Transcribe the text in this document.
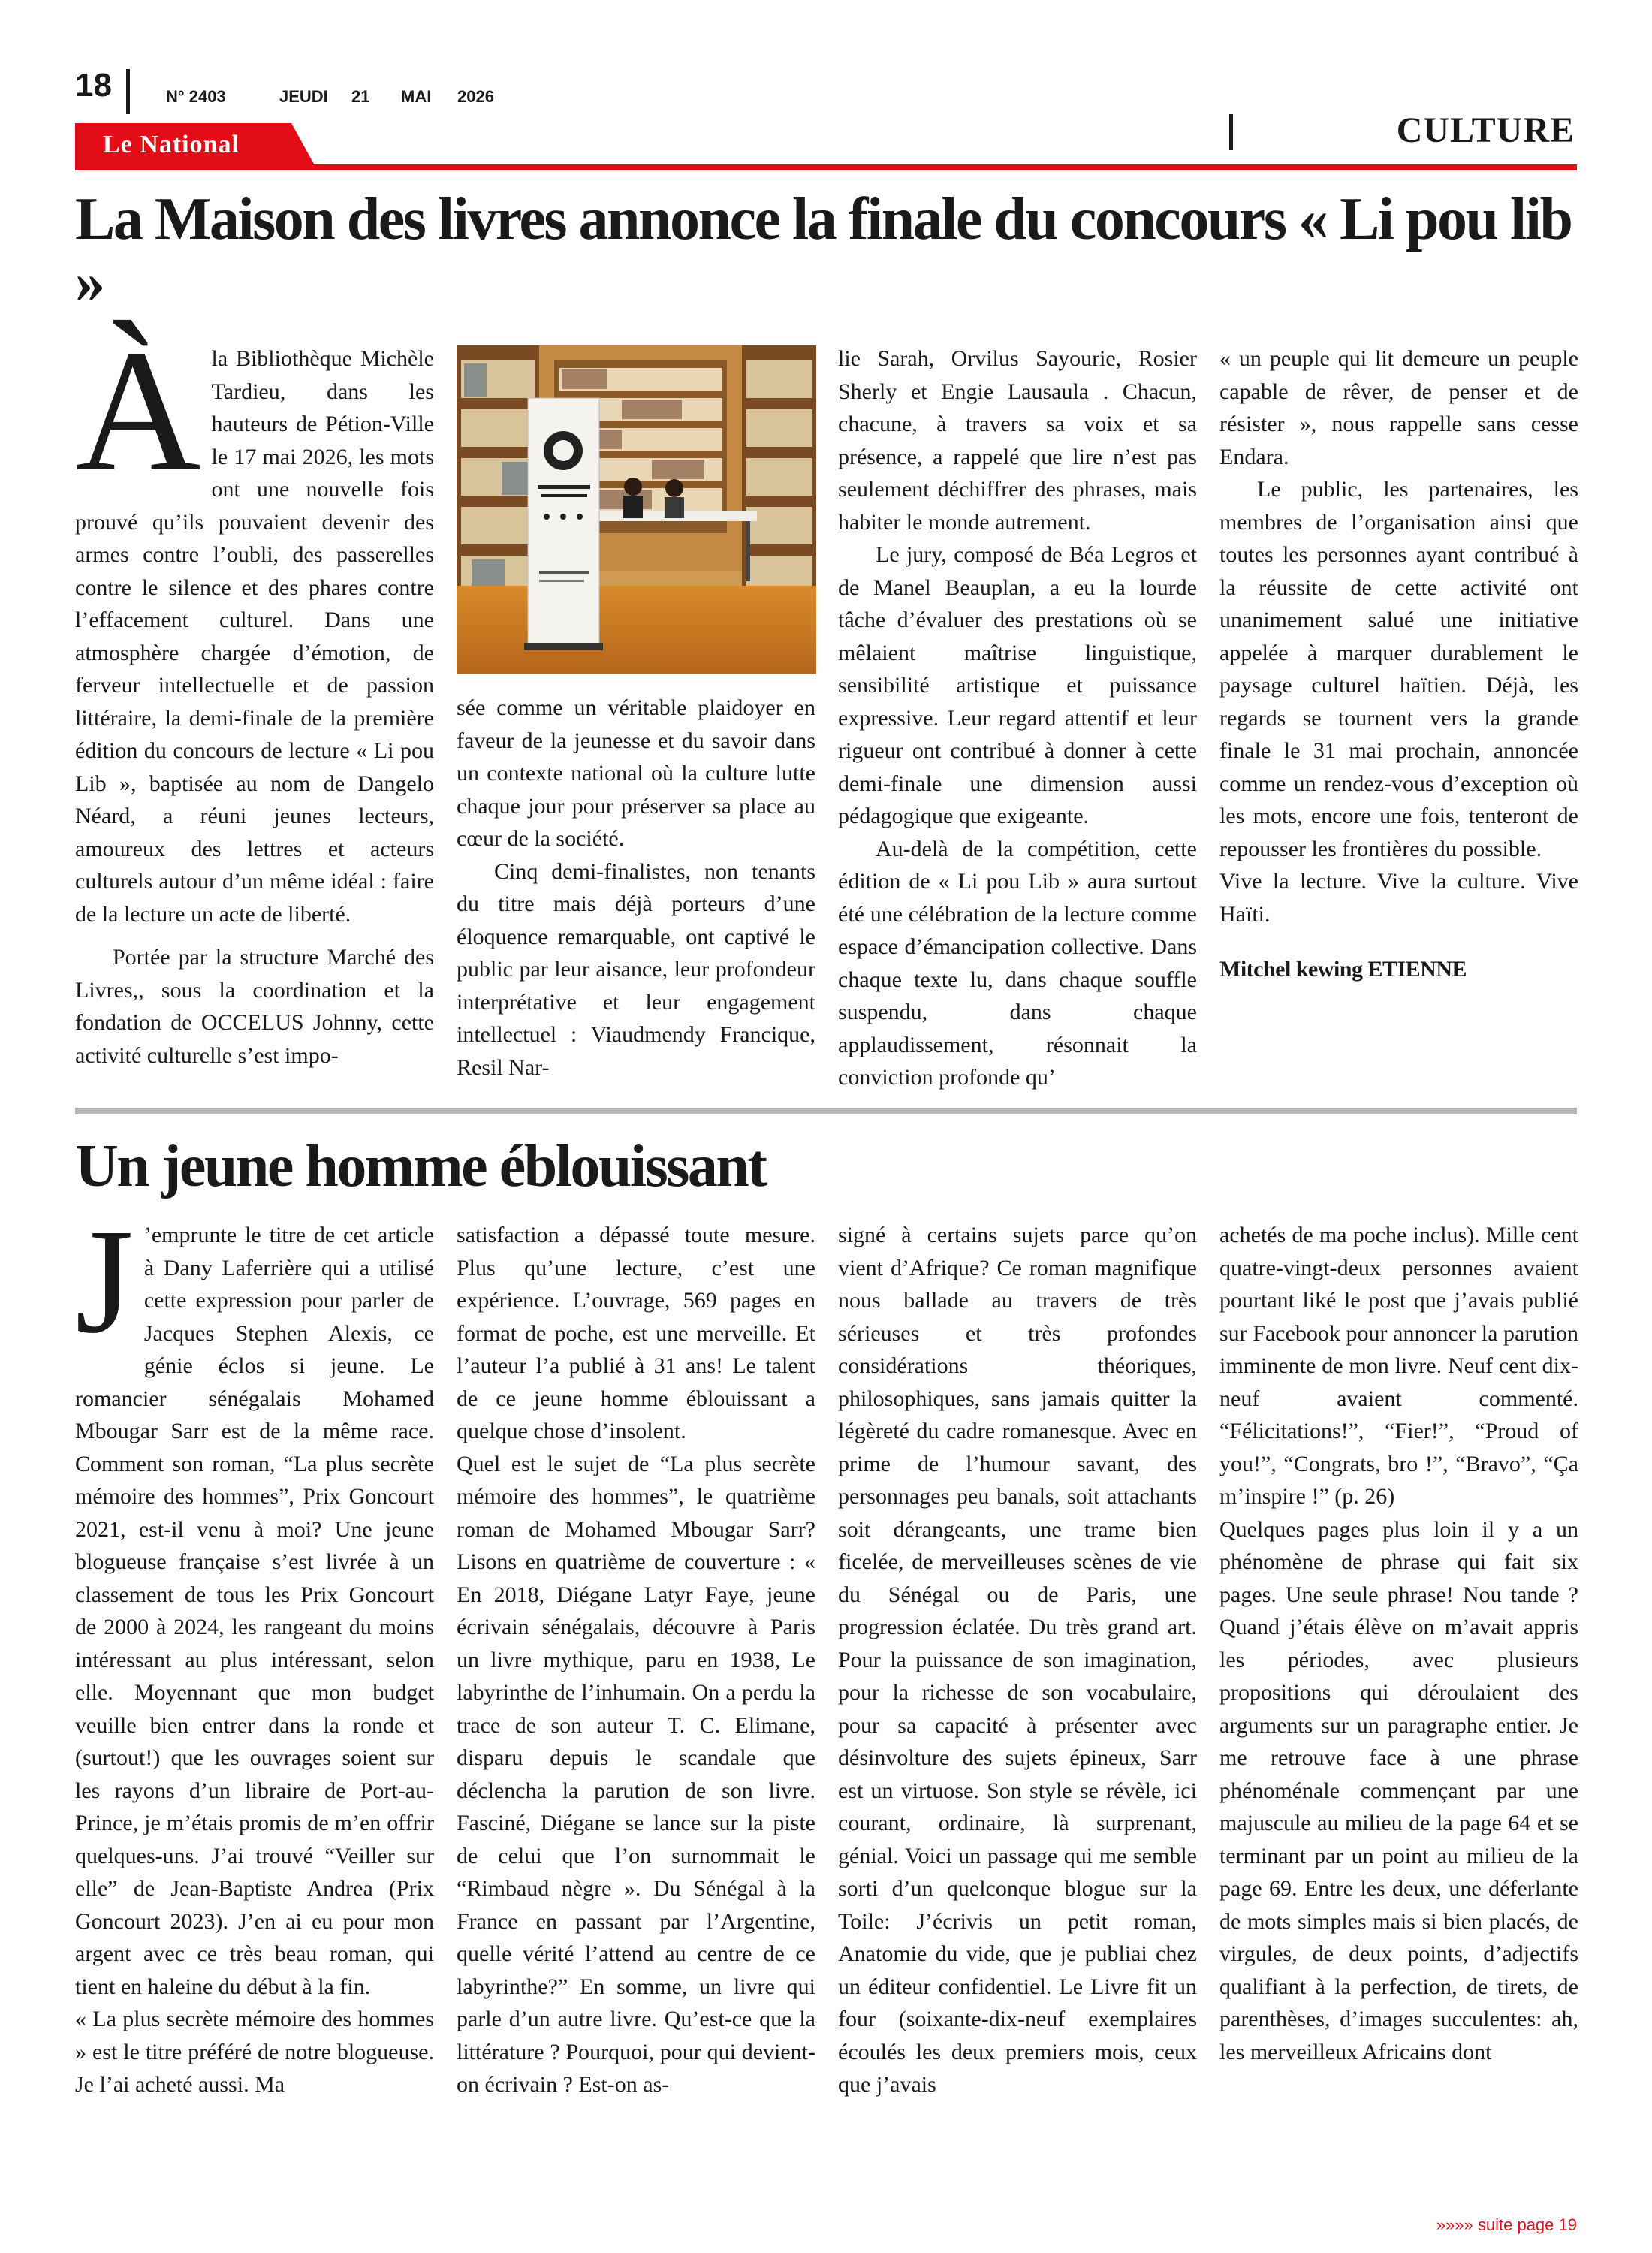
18	N° 2403	JEUDI 21 MAI 2026
CULTURE
Le National
La Maison des livres annonce la finale du concours « Li pou lib »

Àla Bibliothèque Michèle Tardieu, dans les hauteurs de Pétion-Ville le 17 mai 2026, les mots ont une nouvelle fois prouvé qu’ils pouvaient devenir des armes contre l’oubli, des passerelles contre le silence et des phares contre l’effacement culturel. Dans une atmosphère chargée d’émotion, de ferveur intellectuelle et de passion littéraire, la demi-finale de la première édition du concours de lecture « Li pou Lib », baptisée au nom de Dangelo Néard, a réuni jeunes lecteurs, amoureux des lettres et acteurs culturels autour d’un même idéal : faire de la lecture un acte de liberté.

Portée par la structure Marché des Livres,, sous la coordination et la fondation de OCCELUS Johnny, cette activité culturelle s’est impo-

sée comme un véritable plaidoyer en faveur de la jeunesse et du savoir dans un contexte national où la culture lutte chaque jour pour préserver sa place au cœur de la société.

Cinq demi-finalistes, non tenants du titre mais déjà porteurs d’une éloquence remarquable, ont captivé le public par leur aisance, leur profondeur interprétative et leur engagement intellectuel : Viaudmendy Francique, Resil Nar-

lie Sarah, Orvilus Sayourie, Rosier Sherly et Engie Lausaula . Chacun, chacune, à travers sa voix et sa présence, a rappelé que lire n’est pas seulement déchiffrer des phrases, mais habiter le monde autrement.

Le jury, composé de Béa Legros et de Manel Beauplan, a eu la lourde tâche d’évaluer des prestations où se mêlaient maîtrise linguistique, sensibilité artistique et puissance expressive. Leur regard attentif et leur rigueur ont contribué à donner à cette demi-finale une dimension aussi pédagogique que exigeante.

Au-delà de la compétition, cette édition de « Li pou Lib » aura surtout été une célébration de la lecture comme espace d’émancipation collective. Dans chaque texte lu, dans chaque souffle suspendu, dans chaque applaudissement, résonnait la conviction profonde qu’

« un peuple qui lit demeure un peuple capable de rêver, de penser et de résister », nous rappelle sans cesse Endara.

Le public, les partenaires, les membres de l’organisation ainsi que toutes les personnes ayant contribué à la réussite de cette activité ont unanimement salué une initiative appelée à marquer durablement le paysage culturel haïtien. Déjà, les regards se tournent vers la grande finale le 31 mai prochain, annoncée comme un rendez-vous d’exception où les mots, encore une fois, tenteront de repousser les frontières du possible.

Vive la lecture. Vive la culture. Vive Haïti.

Mitchel kewing ETIENNE

Un jeune homme éblouissant

J ’emprunte le titre de cet article à Dany Laferrière qui a utilisé cette expression pour parler de Jacques Stephen Alexis, ce génie éclos si jeune. Le romancier sénégalais Mohamed Mbougar Sarr est de la même race. Comment son roman, “La plus secrète mémoire des hommes”, Prix Goncourt 2021, est-il venu à moi? Une jeune blogueuse française s’est livrée à un classement de tous les Prix Goncourt de 2000 à 2024, les rangeant du moins intéressant au plus intéressant, selon elle. Moyennant que mon budget veuille bien entrer dans la ronde et (surtout!) que les ouvrages soient sur les rayons d’un libraire de Port-au-Prince, je m’étais promis de m’en offrir quelques-uns. J’ai trouvé “Veiller sur elle” de Jean-Baptiste Andrea (Prix Goncourt 2023). J’en ai eu pour mon argent avec ce très beau roman, qui tient en haleine du début à la fin.

« La plus secrète mémoire des hommes » est le titre préféré de notre blogueuse. Je l’ai acheté aussi. Ma

satisfaction a dépassé toute mesure. Plus qu’une lecture, c’est une expérience. L’ouvrage, 569 pages en format de poche, est une merveille. Et l’auteur l’a publié à 31 ans! Le talent de ce jeune homme éblouissant a quelque chose d’insolent.

Quel est le sujet de “La plus secrète mémoire des hommes”, le quatrième roman de Mohamed Mbougar Sarr? Lisons en quatrième de couverture : « En 2018, Diégane Latyr Faye, jeune écrivain sénégalais, découvre à Paris un livre mythique, paru en 1938, Le labyrinthe de l’inhumain. On a perdu la trace de son auteur T. C. Elimane, disparu depuis le scandale que déclencha la parution de son livre. Fasciné, Diégane se lance sur la piste de celui que l’on surnommait le “Rimbaud nègre ». Du Sénégal à la France en passant par l’Argentine, quelle vérité l’attend au centre de ce labyrinthe?” En somme, un livre qui parle d’un autre livre. Qu’est-ce que la littérature ? Pourquoi, pour qui devient-on écrivain ? Est-on as-

signé à certains sujets parce qu’on vient d’Afrique? Ce roman magnifique nous ballade au travers de très sérieuses et très profondes considérations théoriques, philosophiques, sans jamais quitter la légèreté du cadre romanesque. Avec en prime de l’humour savant, des personnages peu banals, soit attachants soit dérangeants, une trame bien ficelée, de merveilleuses scènes de vie du Sénégal ou de Paris, une progression éclatée. Du très grand art. Pour la puissance de son imagination, pour la richesse de son vocabulaire, pour sa capacité à présenter avec désinvolture des sujets épineux, Sarr est un virtuose. Son style se révèle, ici courant, ordinaire, là surprenant, génial. Voici un passage qui me semble sorti d’un quelconque blogue sur la Toile: J’écrivis un petit roman, Anatomie du vide, que je publiai chez un éditeur confidentiel. Le Livre fit un four (soixante-dix-neuf exemplaires écoulés les deux premiers mois, ceux que j’avais

achetés de ma poche inclus). Mille cent quatre-vingt-deux personnes avaient pourtant liké le post que j’avais publié sur Facebook pour annoncer la parution imminente de mon livre. Neuf cent dix-neuf avaient commenté. “Félicitations!”, “Fier!”, “Proud of you!”, “Congrats, bro !”, “Bravo”, “Ça m’inspire !” (p. 26)

Quelques pages plus loin il y a un phénomène de phrase qui fait six pages. Une seule phrase! Nou tande ? Quand j’étais élève on m’avait appris les périodes, avec plusieurs propositions qui déroulaient des arguments sur un paragraphe entier. Je me retrouve face à une phrase phénoménale commençant par une majuscule au milieu de la page 64 et se terminant par un point au milieu de la page 69. Entre les deux, une déferlante de mots simples mais si bien placés, de virgules, de deux points, d’adjectifs qualifiant à la perfection, de tirets, de parenthèses, d’images succulentes: ah, les merveilleux Africains dont

»»»» suite page 19
